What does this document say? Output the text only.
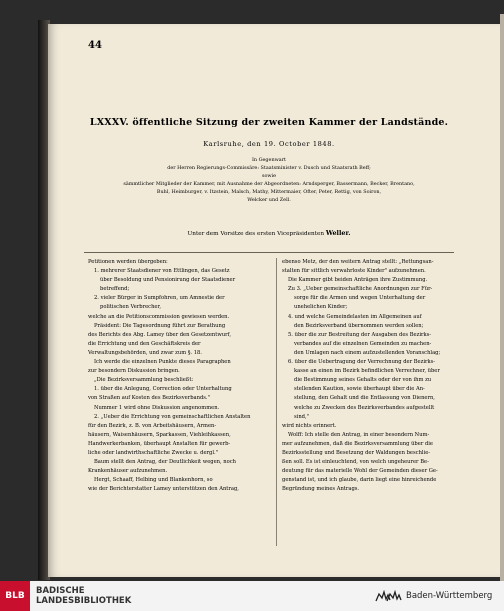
44
LXXXV. öffentliche Sitzung der zweiten Kammer der Landstände.
Karlsruhe, den 19. October 1848.
In Gegenwart
der Herren Regierungs-Commissäre: Staatsminister v. Dusch und Staatsrath Beff;
sowie
sämmtlicher Mitglieder der Kammer, mit Ausnahme der Abgeordneten: Arndsperger, Bassermann, Becker, Brentano,
Buhl, Heimburger, v. Itzstein, Malsch, Mathy, Mittermaier, Ofter, Peter, Rettig, von Soiron,
Welcker und Zell.
Unter dem Vorsitze des ersten Vicepräsidenten Weller.
Petitionen werden übergeben:
1. mehrerer Staatsdiener von Ettlingen, das Gesetz
über Besoldung und Pensionirung der Staatsdiener
betreffend;
2. vieler Bürger in Sumpfohren, um Amnestie der
politischen Verbrecher,
welche an die Petitionscommission gewiesen werden.
Präsident: Die Tagesordnung führt zur Berathung
des Berichts des Abg. Lamey über den Gesetzentwurf,
die Errichtung und den Geschäftskreis der
Verwaltungsbehörden, und zwar zum §. 18.
Ich werde die einzelnen Punkte dieses Paragraphen
zur besondern Diskussion bringen.
„Die Bezirksversammlung beschließt:
1. über die Anlegung, Correction oder Unterhaltung
von Straßen auf Kosten des Bezirksverbands."
Nummer 1 wird ohne Diskussion angenommen.
2. „Ueber die Errichtung von gemeinschaftlichen Anstalten
für den Bezirk, z. B. von Arbeitshäusern, Armen-
häusern, Waisenhäusern, Sparkassen, Viehleihkassen,
Handwerkerbanken, überhaupt Anstalten für gewerb-
liche oder landwirthschaftliche Zwecke u. dergl."
Baum stellt den Antrag, der Deutlichkeit wegen, noch
Krankenhäuser aufzunehmen.
Hergt, Schaaff, Helbing und Blankenhorn, so
wie der Berichterstatter Lamey unterstützen den Antrag,
ebenso Metz, der den weitern Antrag stellt: „Rettungsan-
stalten für sittlich verwahrloste Kinder" aufzunehmen.
Die Kammer gibt beiden Anträgen ihre Zustimmung.
Zu 3. „Ueber gemeinschaftliche Anordnungen zur Für-
sorge für die Armen und wegen Unterhaltung der
unehelichen Kinder;
4. und welche Gemeindelasten im Allgemeinen auf
den Bezirksverband übernommen werden sollen;
5. über die zur Bestreitung der Ausgaben des Bezirks-
verbandes auf die einzelnen Gemeinden zu machen-
den Umlagen nach einem aufzustellenden Voranschlag;
6. über die Uebertragung der Verrechnung der Bezirks-
kasse an einen im Bezirk befindlichen Verrechner, über
die Bestimmung seines Gehalts oder der von ihm zu
stellenden Kaution, sowie überhaupt über die An-
stellung, den Gehalt und die Entlassung von Dienern,
welche zu Zwecken des Bezirksverbandes aufgestellt
sind,"
wird nichts erinnert.
Wolff: Ich stelle den Antrag, in einer besondern Num-
mer aufzunehmen, daß die Bezirksversammlung über die
Bezirksstellung und Besetzung der Waldungen beschlie-
ßen soll. Es ist einleuchtend, von welch ungeheurer Be-
deutung für das materielle Wohl der Gemeinden dieser Ge-
genstand ist, und ich glaube, darin liegt eine hinreichende
Begründung meines Antrags.
BLB	BADISCHE
LANDESBIBLIOTHEK	Baden-Württemberg
